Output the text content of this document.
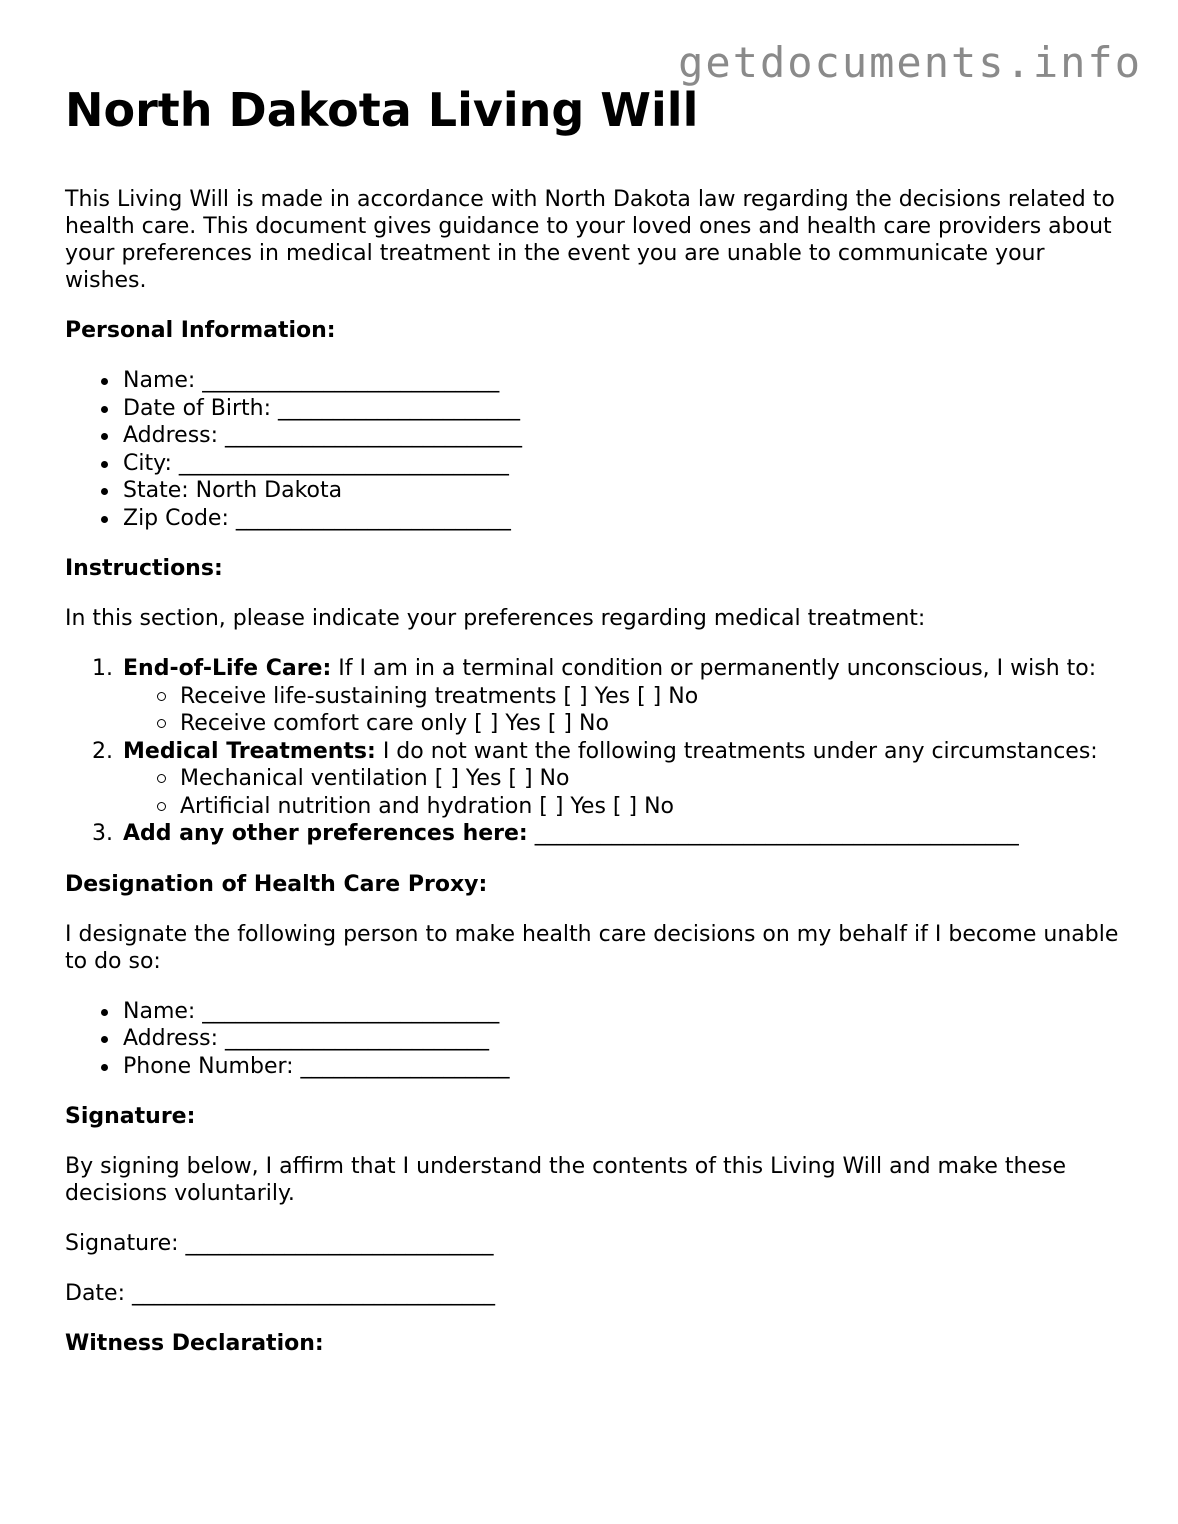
getdocuments.info
North Dakota Living Will

This Living Will is made in accordance with North Dakota law regarding the decisions related to health care. This document gives guidance to your loved ones and health care providers about your preferences in medical treatment in the event you are unable to communicate your wishes.

Personal Information:
Name: ___________________________
Date of Birth: ______________________
Address: ___________________________
City: ______________________________
State: North Dakota
Zip Code: _________________________
Instructions:

In this section, please indicate your preferences regarding medical treatment:

1. End-of-Life Care: If I am in a terminal condition or permanently unconscious, I wish to:
Receive life-sustaining treatments [ ] Yes [ ] No
Receive comfort care only [ ] Yes [ ] No
2. Medical Treatments: I do not want the following treatments under any circumstances:
Mechanical ventilation [ ] Yes [ ] No
Artificial nutrition and hydration [ ] Yes [ ] No
3. Add any other preferences here: ____________________________________________
Designation of Health Care Proxy:

I designate the following person to make health care decisions on my behalf if I become unable to do so:

Name: ___________________________
Address: ________________________
Phone Number: ___________________
Signature:

By signing below, I affirm that I understand the contents of this Living Will and make these decisions voluntarily.

Signature: ____________________________

Date: _________________________________

Witness Declaration:
